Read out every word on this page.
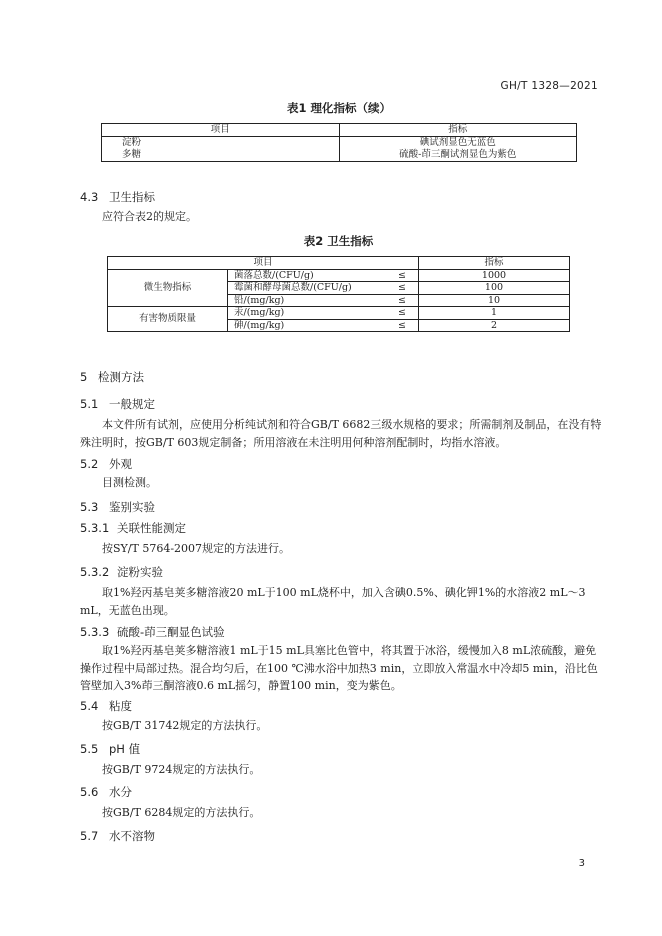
GH/T 1328—2021
表1 理化指标（续）
项目	指标
淀粉	碘试剂显色无蓝色
多糖	硫酸-茚三酮试剂显色为紫色
4.3 卫生指标
应符合表2的规定。
表2 卫生指标
项目			指标
微生物指标	菌落总数/(CFU/g)	≤	1000
	霉菌和酵母菌总数/(CFU/g)	≤	100
	铅/(mg/kg)	≤	10
有害物质限量	汞/(mg/kg)	≤	1
	砷/(mg/kg)	≤	2
5 检测方法
5.1 一般规定
本文件所有试剂，应使用分析纯试剂和符合GB/T 6682三级水规格的要求；所需制剂及制品，在没有特殊注明时，按GB/T 603规定制备；所用溶液在未注明用何种溶剂配制时，均指水溶液。
5.2 外观
目测检测。
5.3 鉴别实验
5.3.1 关联性能测定
按SY/T 5764-2007规定的方法进行。
5.3.2 淀粉实验
取1%羟丙基皂荚多糖溶液20 mL于100 mL烧杯中，加入含碘0.5%、碘化钾1%的水溶液2 mL～3 mL，无蓝色出现。
5.3.3 硫酸-茚三酮显色试验
取1%羟丙基皂荚多糖溶液1 mL于15 mL具塞比色管中，将其置于冰浴，缓慢加入8 mL浓硫酸，避免操作过程中局部过热。混合均匀后，在100 ℃沸水浴中加热3 min，立即放入常温水中冷却5 min，沿比色管壁加入3%茚三酮溶液0.6 mL摇匀，静置100 min，变为紫色。
5.4 粘度
按GB/T 31742规定的方法执行。
5.5 pH 值
按GB/T 9724规定的方法执行。
5.6 水分
按GB/T 6284规定的方法执行。
5.7 水不溶物
3
